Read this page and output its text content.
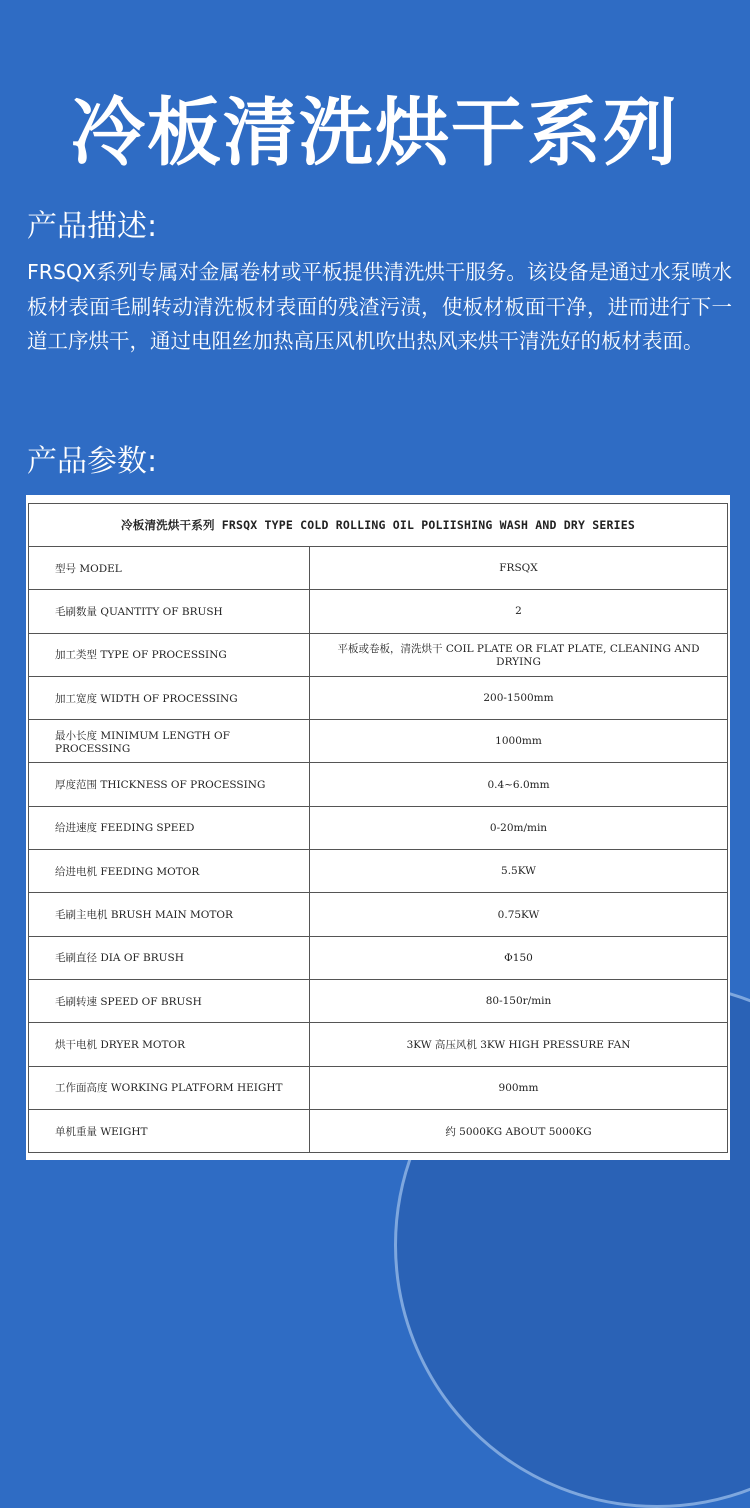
冷板清洗烘干系列
产品描述:

FRSQX系列专属对金属卷材或平板提供清洗烘干服务。该设备是通过水泵喷水板材表面毛刷转动清洗板材表面的残渣污渍，使板材板面干净，进而进行下一道工序烘干，通过电阻丝加热高压风机吹出热风来烘干清洗好的板材表面。

产品参数:
冷板清洗烘干系列 FRSQX TYPE COLD ROLLING OIL POLIISHING WASH AND DRY SERIES	
型号 MODEL	FRSQX
毛刷数量 QUANTITY OF BRUSH	2
加工类型 TYPE OF PROCESSING	平板或卷板，清洗烘干 COIL PLATE OR FLAT PLATE, CLEANING AND DRYING
加工宽度 WIDTH OF PROCESSING	200-1500mm
最小长度 MINIMUM LENGTH OF PROCESSING	1000mm
厚度范围 THICKNESS OF PROCESSING	0.4~6.0mm
给进速度 FEEDING SPEED	0-20m/min
给进电机 FEEDING MOTOR	5.5KW
毛刷主电机 BRUSH MAIN MOTOR	0.75KW
毛刷直径 DIA OF BRUSH	Φ150
毛刷转速 SPEED OF BRUSH	80-150r/min
烘干电机 DRYER MOTOR	3KW 高压风机 3KW HIGH PRESSURE FAN
工作面高度 WORKING PLATFORM HEIGHT	900mm
单机重量 WEIGHT	约 5000KG ABOUT 5000KG
